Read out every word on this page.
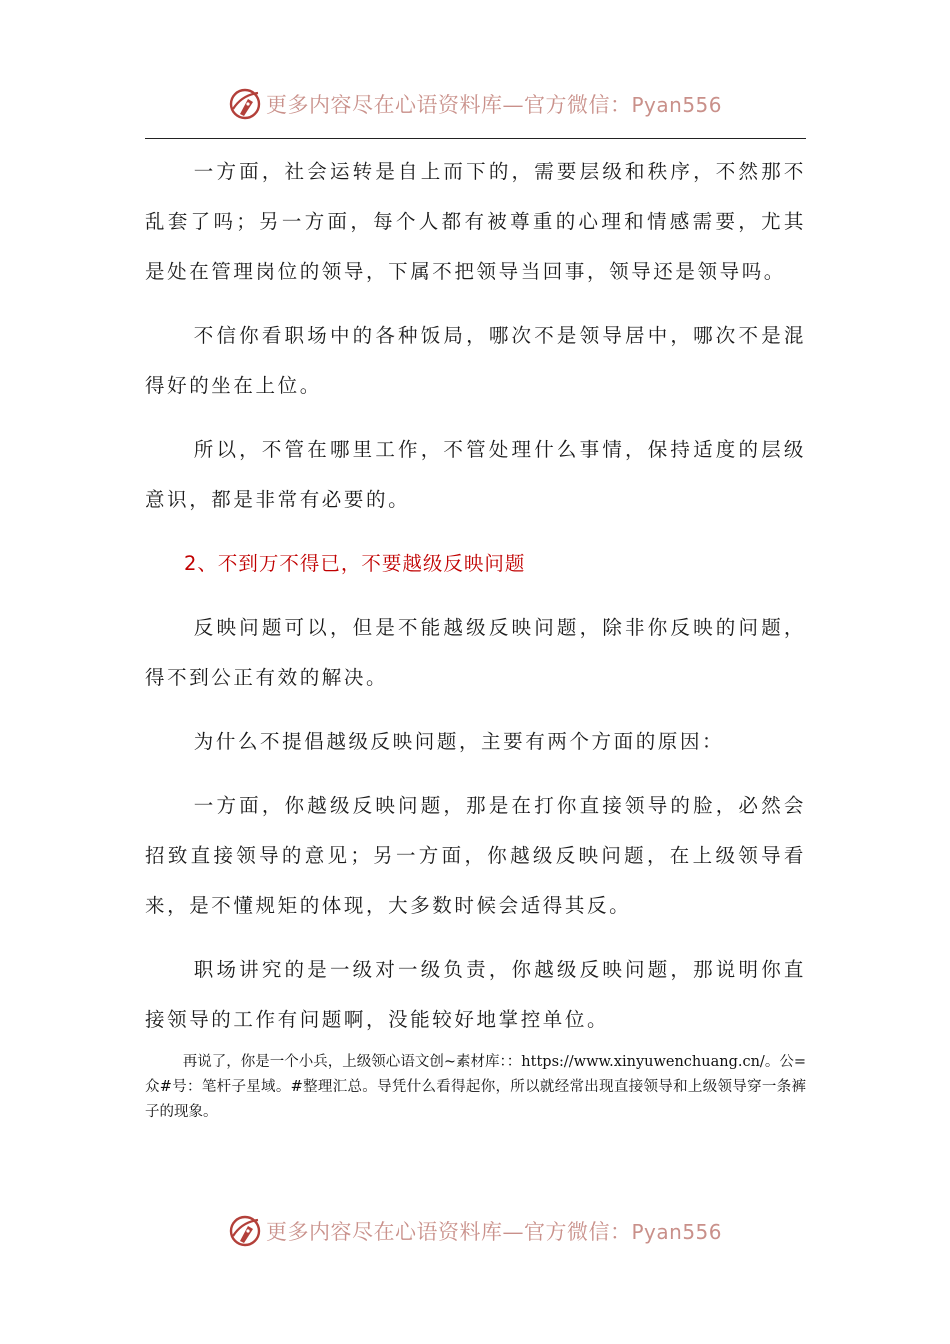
更多内容尽在心语资料库—官方微信：Pyan556

一方面，社会运转是自上而下的，需要层级和秩序，不然那不乱套了吗；另一方面，每个人都有被尊重的心理和情感需要，尤其是处在管理岗位的领导，下属不把领导当回事，领导还是领导吗。

不信你看职场中的各种饭局，哪次不是领导居中，哪次不是混得好的坐在上位。

所以，不管在哪里工作，不管处理什么事情，保持适度的层级意识，都是非常有必要的。

2、不到万不得已，不要越级反映问题

反映问题可以，但是不能越级反映问题，除非你反映的问题，得不到公正有效的解决。

为什么不提倡越级反映问题，主要有两个方面的原因：

一方面，你越级反映问题，那是在打你直接领导的脸，必然会招致直接领导的意见；另一方面，你越级反映问题，在上级领导看来，是不懂规矩的体现，大多数时候会适得其反。

职场讲究的是一级对一级负责，你越级反映问题，那说明你直接领导的工作有问题啊，没能较好地掌控单位。

再说了，你是一个小兵，上级领心语文创~素材库：：https://www.xinyuwenchuang.cn/。公=众#号：笔杆子星域。#整理汇总。导凭什么看得起你，所以就经常出现直接领导和上级领导穿一条裤子的现象。

更多内容尽在心语资料库—官方微信：Pyan556
